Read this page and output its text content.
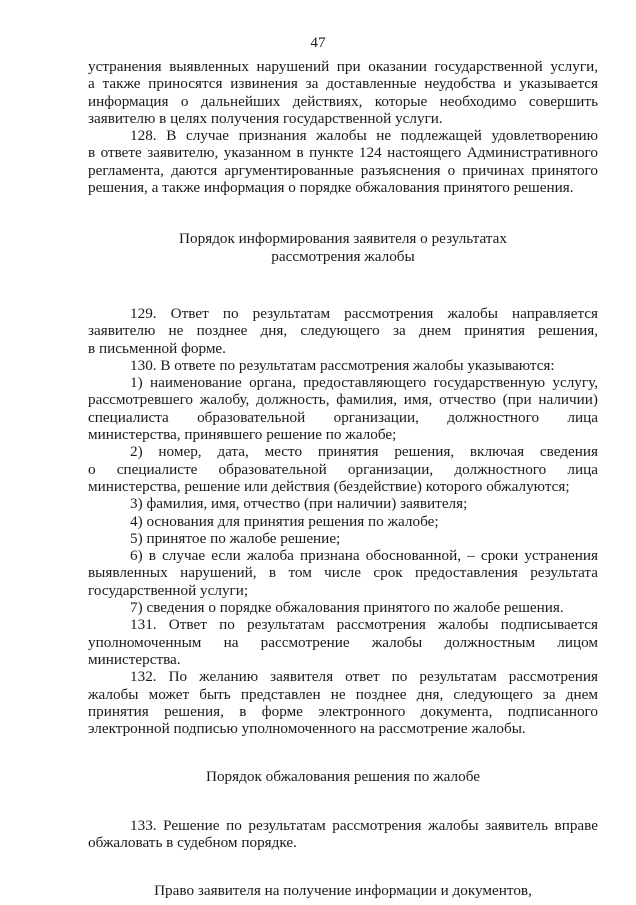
47

устранения выявленных нарушений при оказании государственной услуги,

а также приносятся извинения за доставленные неудобства и указывается

информация о дальнейших действиях, которые необходимо совершить

заявителю в целях получения государственной услуги.

128. В случае признания жалобы не подлежащей удовлетворению

в ответе заявителю, указанном в пункте 124 настоящего Административного

регламента, даются аргументированные разъяснения о причинах принятого

решения, а также информация о порядке обжалования принятого решения.

Порядок информирования заявителя о результатах

рассмотрения жалобы

129. Ответ по результатам рассмотрения жалобы направляется

заявителю не позднее дня, следующего за днем принятия решения,

в письменной форме.

130. В ответе по результатам рассмотрения жалобы указываются:

1) наименование органа, предоставляющего государственную услугу,

рассмотревшего жалобу, должность, фамилия, имя, отчество (при наличии)

специалиста образовательной организации, должностного лица

министерства, принявшего решение по жалобе;

2) номер, дата, место принятия решения, включая сведения

о специалисте образовательной организации, должностного лица

министерства, решение или действия (бездействие) которого обжалуются;

3) фамилия, имя, отчество (при наличии) заявителя;

4) основания для принятия решения по жалобе;

5) принятое по жалобе решение;

6) в случае если жалоба признана обоснованной, – сроки устранения

выявленных нарушений, в том числе срок предоставления результата

государственной услуги;

7) сведения о порядке обжалования принятого по жалобе решения.

131. Ответ по результатам рассмотрения жалобы подписывается

уполномоченным на рассмотрение жалобы должностным лицом

министерства.

132. По желанию заявителя ответ по результатам рассмотрения

жалобы может быть представлен не позднее дня, следующего за днем

принятия решения, в форме электронного документа, подписанного

электронной подписью уполномоченного на рассмотрение жалобы.

Порядок обжалования решения по жалобе

133. Решение по результатам рассмотрения жалобы заявитель вправе

обжаловать в судебном порядке.

Право заявителя на получение информации и документов,
